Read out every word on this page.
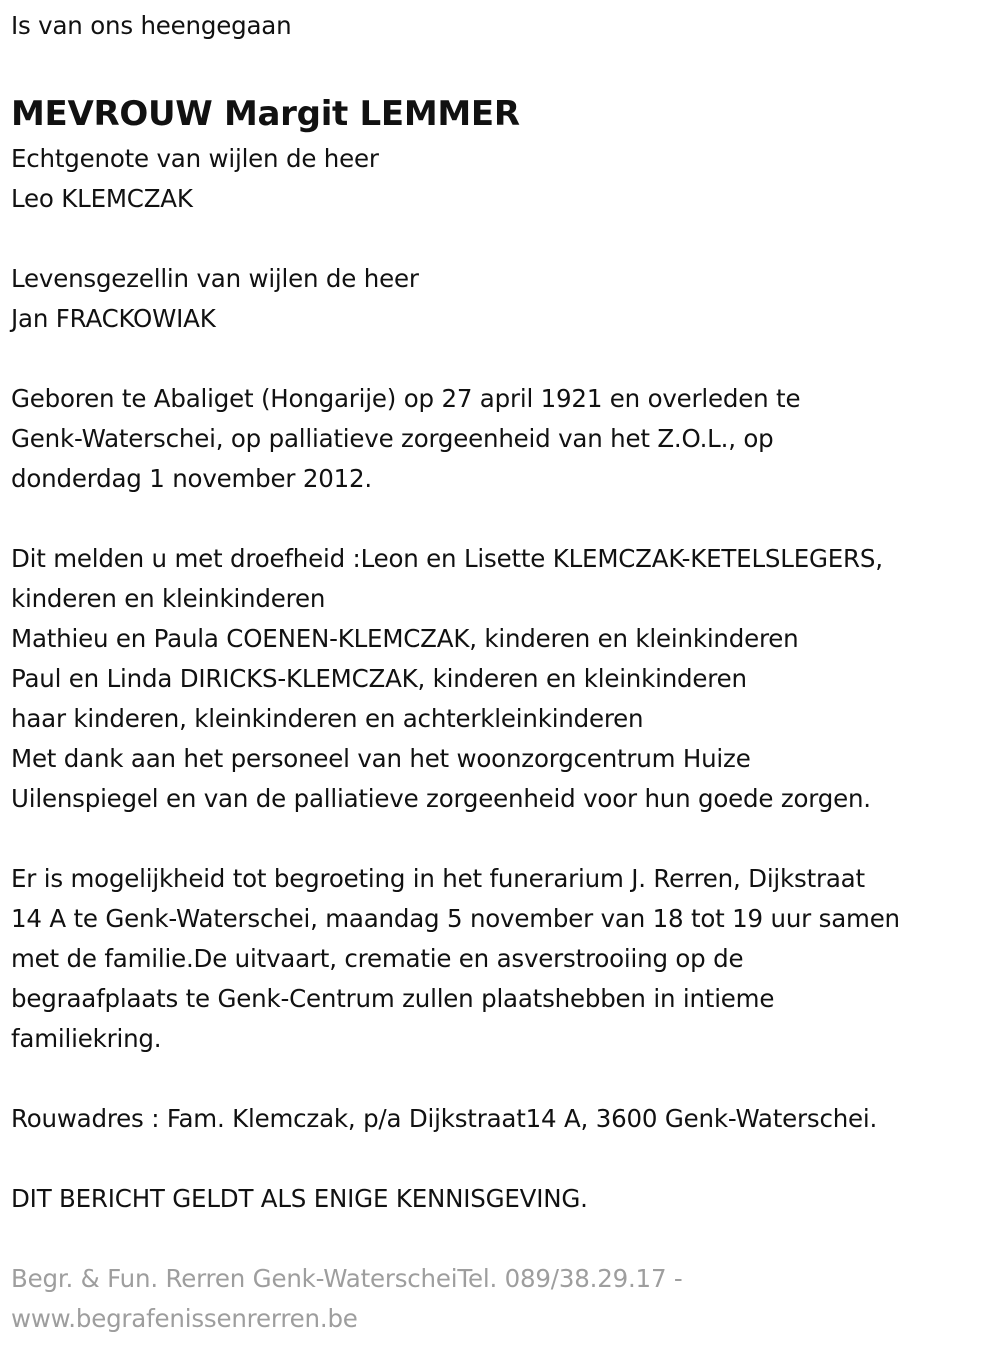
Is van ons heengegaan
MEVROUW Margit LEMMER
Echtgenote van wijlen de heer
Leo KLEMCZAK
Levensgezellin van wijlen de heer
Jan FRACKOWIAK
Geboren te Abaliget (Hongarije) op 27 april 1921 en overleden te
Genk-Waterschei, op palliatieve zorgeenheid van het Z.O.L., op
donderdag 1 november 2012.
Dit melden u met droefheid :Leon en Lisette KLEMCZAK-KETELSLEGERS,
kinderen en kleinkinderen
Mathieu en Paula COENEN-KLEMCZAK, kinderen en kleinkinderen
Paul en Linda DIRICKS-KLEMCZAK, kinderen en kleinkinderen
haar kinderen, kleinkinderen en achterkleinkinderen
Met dank aan het personeel van het woonzorgcentrum Huize
Uilenspiegel en van de palliatieve zorgeenheid voor hun goede zorgen.
Er is mogelijkheid tot begroeting in het funerarium J. Rerren, Dijkstraat
14 A te Genk-Waterschei, maandag 5 november van 18 tot 19 uur samen
met de familie.De uitvaart, crematie en asverstrooiing op de
begraafplaats te Genk-Centrum zullen plaatshebben in intieme
familiekring.
Rouwadres : Fam. Klemczak, p/a Dijkstraat14 A, 3600 Genk-Waterschei.
DIT BERICHT GELDT ALS ENIGE KENNISGEVING.
Begr. & Fun. Rerren Genk-WaterscheiTel. 089/38.29.17 -
www.begrafenissenrerren.be
